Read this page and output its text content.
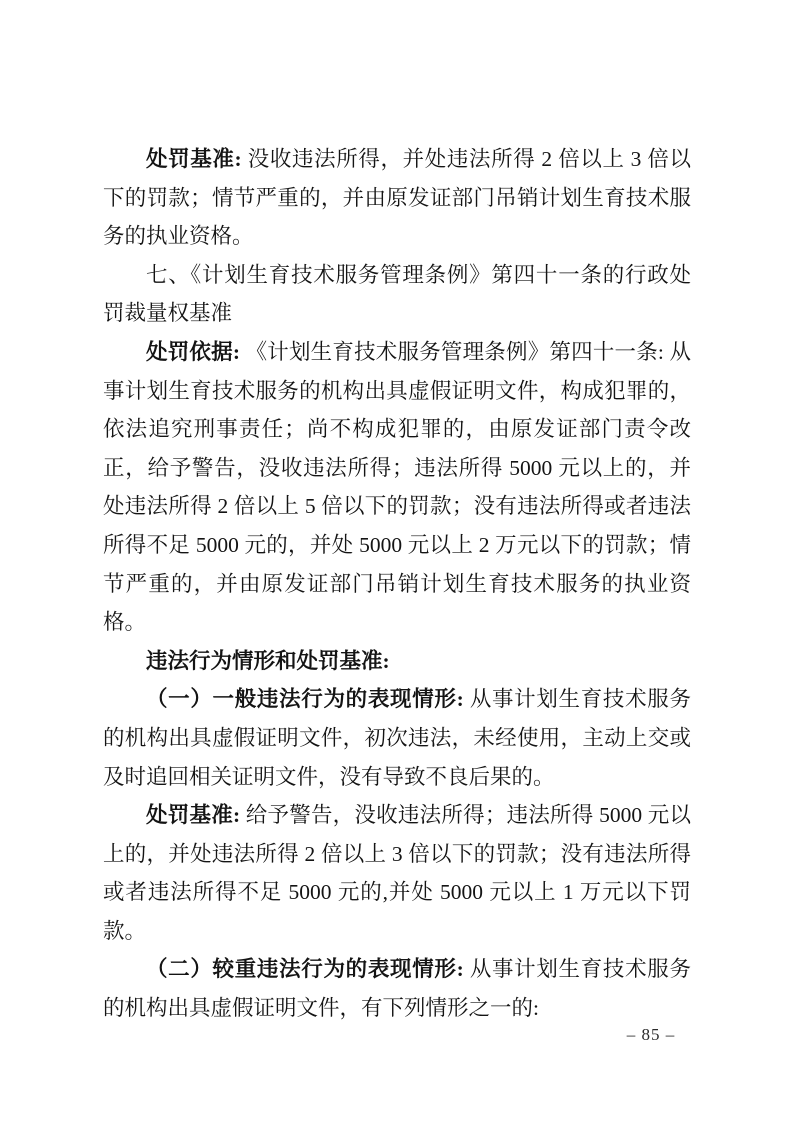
处罚基准: 没收违法所得，并处违法所得 2 倍以上 3 倍以下的罚款；情节严重的，并由原发证部门吊销计划生育技术服务的执业资格。

七、《计划生育技术服务管理条例》第四十一条的行政处罚裁量权基准

处罚依据: 《计划生育技术服务管理条例》第四十一条: 从事计划生育技术服务的机构出具虚假证明文件，构成犯罪的，依法追究刑事责任；尚不构成犯罪的，由原发证部门责令改正，给予警告，没收违法所得；违法所得 5000 元以上的，并处违法所得 2 倍以上 5 倍以下的罚款；没有违法所得或者违法所得不足 5000 元的，并处 5000 元以上 2 万元以下的罚款；情节严重的，并由原发证部门吊销计划生育技术服务的执业资格。

违法行为情形和处罚基准:

（一）一般违法行为的表现情形: 从事计划生育技术服务的机构出具虚假证明文件，初次违法，未经使用，主动上交或及时追回相关证明文件，没有导致不良后果的。

处罚基准: 给予警告，没收违法所得；违法所得 5000 元以上的，并处违法所得 2 倍以上 3 倍以下的罚款；没有违法所得或者违法所得不足 5000 元的,并处 5000 元以上 1 万元以下罚款。

（二）较重违法行为的表现情形: 从事计划生育技术服务的机构出具虚假证明文件，有下列情形之一的:

– 85 –
